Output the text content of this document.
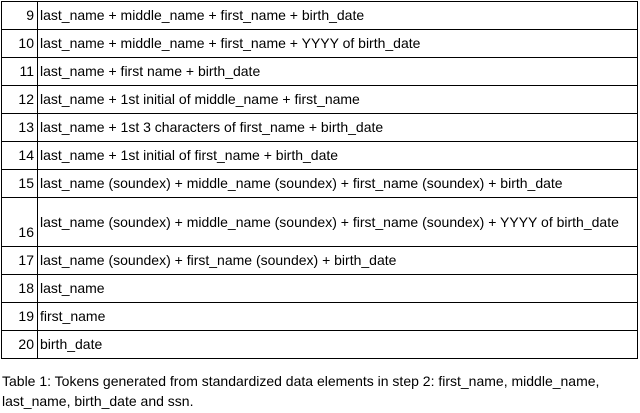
9	last_name + middle_name + first_name + birth_date
10	last_name + middle_name + first_name + YYYY of birth_date
11	last_name + first name + birth_date
12	last_name + 1st initial of middle_name + first_name
13	last_name + 1st 3 characters of first_name + birth_date
14	last_name + 1st initial of first_name + birth_date
15	last_name (soundex) + middle_name (soundex) + first_name (soundex) + birth_date
16	last_name (soundex) + middle_name (soundex) + first_name (soundex) + YYYY of birth_date
17	last_name (soundex) + first_name (soundex) + birth_date
18	last_name
19	first_name
20	birth_date

Table 1: Tokens generated from standardized data elements in step 2: first_name, middle_name, last_name, birth_date and ssn.
